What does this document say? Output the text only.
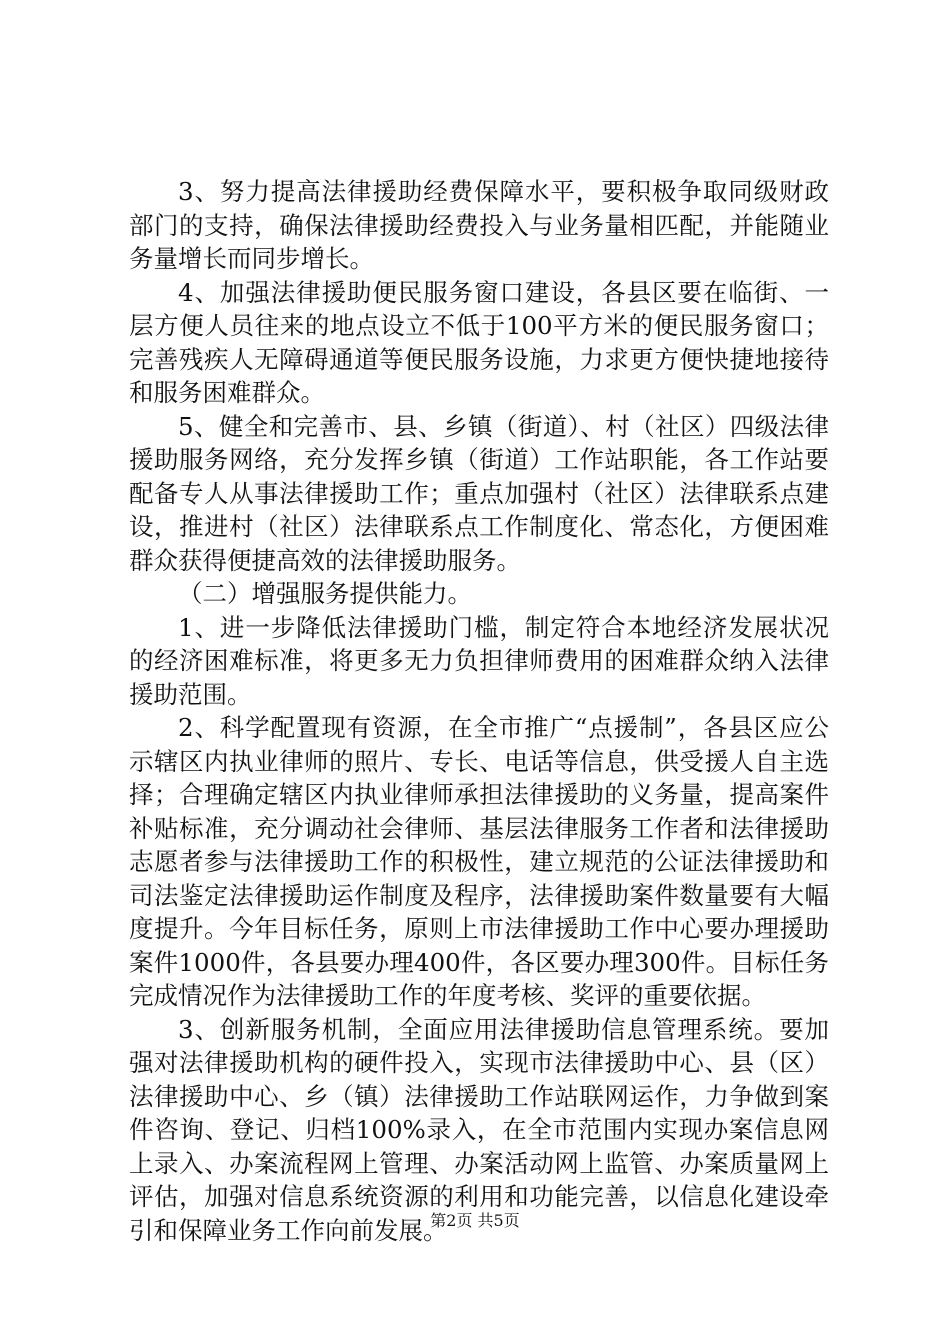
3、努力提高法律援助经费保障水平，要积极争取同级财政部门的支持，确保法律援助经费投入与业务量相匹配，并能随业务量增长而同步增长。

4、加强法律援助便民服务窗口建设，各县区要在临街、一层方便人员往来的地点设立不低于100平方米的便民服务窗口；完善残疾人无障碍通道等便民服务设施，力求更方便快捷地接待和服务困难群众。

5、健全和完善市、县、乡镇（街道）、村（社区）四级法律援助服务网络，充分发挥乡镇（街道）工作站职能，各工作站要配备专人从事法律援助工作；重点加强村（社区）法律联系点建设，推进村（社区）法律联系点工作制度化、常态化，方便困难群众获得便捷高效的法律援助服务。

（二）增强服务提供能力。

1、进一步降低法律援助门槛，制定符合本地经济发展状况的经济困难标准，将更多无力负担律师费用的困难群众纳入法律援助范围。

2、科学配置现有资源，在全市推广“点援制”，各县区应公示辖区内执业律师的照片、专长、电话等信息，供受援人自主选择；合理确定辖区内执业律师承担法律援助的义务量，提高案件补贴标准，充分调动社会律师、基层法律服务工作者和法律援助志愿者参与法律援助工作的积极性，建立规范的公证法律援助和司法鉴定法律援助运作制度及程序，法律援助案件数量要有大幅度提升。今年目标任务，原则上市法律援助工作中心要办理援助案件1000件，各县要办理400件，各区要办理300件。目标任务完成情况作为法律援助工作的年度考核、奖评的重要依据。

3、创新服务机制，全面应用法律援助信息管理系统。要加强对法律援助机构的硬件投入，实现市法律援助中心、县（区）法律援助中心、乡（镇）法律援助工作站联网运作，力争做到案件咨询、登记、归档100%录入，在全市范围内实现办案信息网上录入、办案流程网上管理、办案活动网上监管、办案质量网上评估，加强对信息系统资源的利用和功能完善，以信息化建设牵引和保障业务工作向前发展。

第2页 共5页
